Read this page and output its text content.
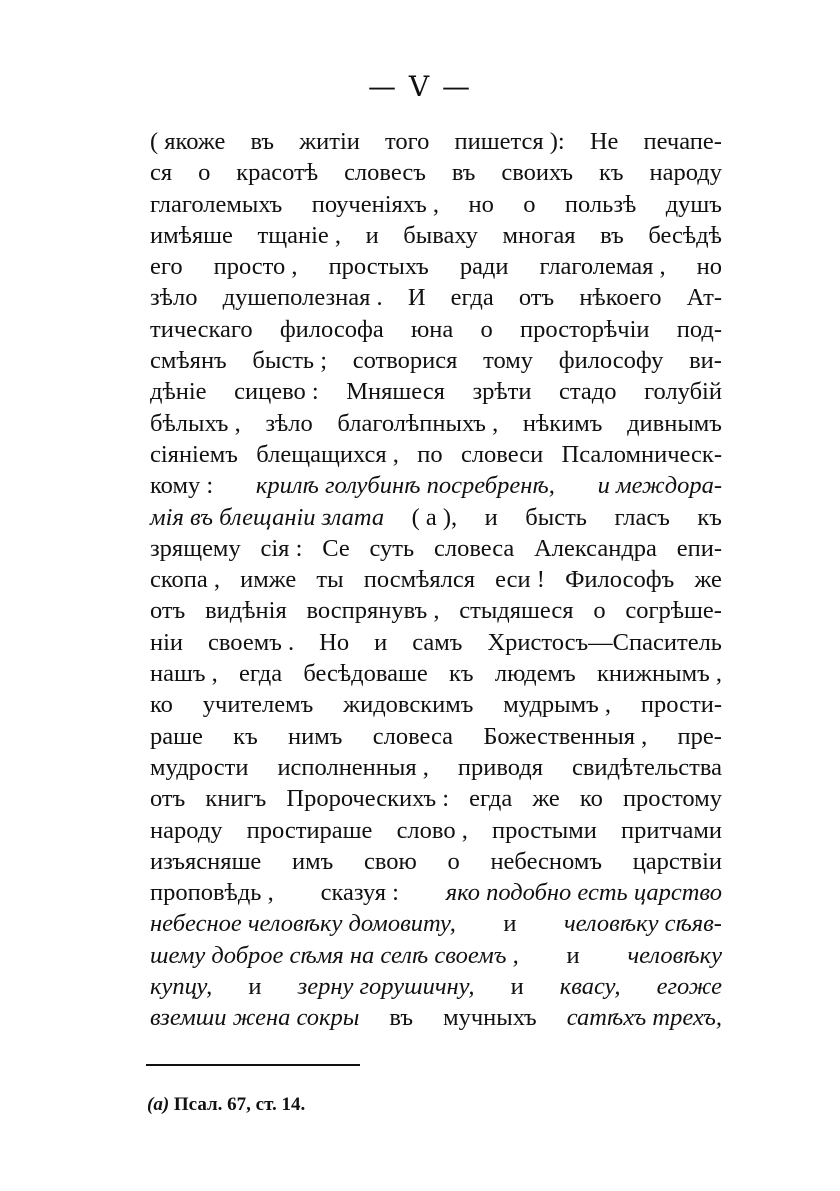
— V —
( якоже въ житiи того пишется ): Не печапе-
ся о красотѣ словесъ въ своихъ къ народу
глаголемыхъ поученiяхъ , но о пользѣ душъ
имѣяше тщанie , и бываху многая въ бесѣдѣ
его просто , простыхъ ради глаголемая , но
зѣло душеполезная . И егда отъ нѣкоего Ат-
тическаго философа юна о просторѣчiи под-
смѣянъ бысть ; сотворися тому философу ви-
дѣнie сицево : Мняшеся зрѣти стадо голубiй
бѣлыхъ , зѣло благолѣпныхъ , нѣкимъ дивнымъ
сiянiемъ блещащихся , по словеси Псаломническ-
кому : крилѣ голубинѣ посребренѣ, и междора-
мiя въ блещанiи злата ( а ), и бысть гласъ къ
зрящему сiя : Се суть словеса Александра епи-
скопа , имже ты посмѣялся еси ! Философъ же
отъ видѣнiя воспрянувъ , стыдяшеся о согрѣше-
нiи своемъ . Но и самъ Христосъ—Спаситель
нашъ , егда бесѣдоваше къ людемъ книжнымъ ,
ко учителемъ жидовскимъ мудрымъ , прости-
раше къ нимъ словеса Божественныя , пре-
мудрости исполненныя , приводя свидѣтельства
отъ книгъ Пророческихъ : егда же ко простому
народу простираше слово , простыми притчами
изъясняше имъ свою о небесномъ царствiи
проповѣдь , сказуя : яко подобно есть царство
небесное человѣку домовиту, и человѣку сѣяв-
шему доброе сѣмя на селѣ своемъ , и человѣку
купцу, и зерну горушичну, и квасу, егоже
вземши жена сокры въ мучныхъ сатѣхъ трехъ,
(а) Псал. 67, ст. 14.
